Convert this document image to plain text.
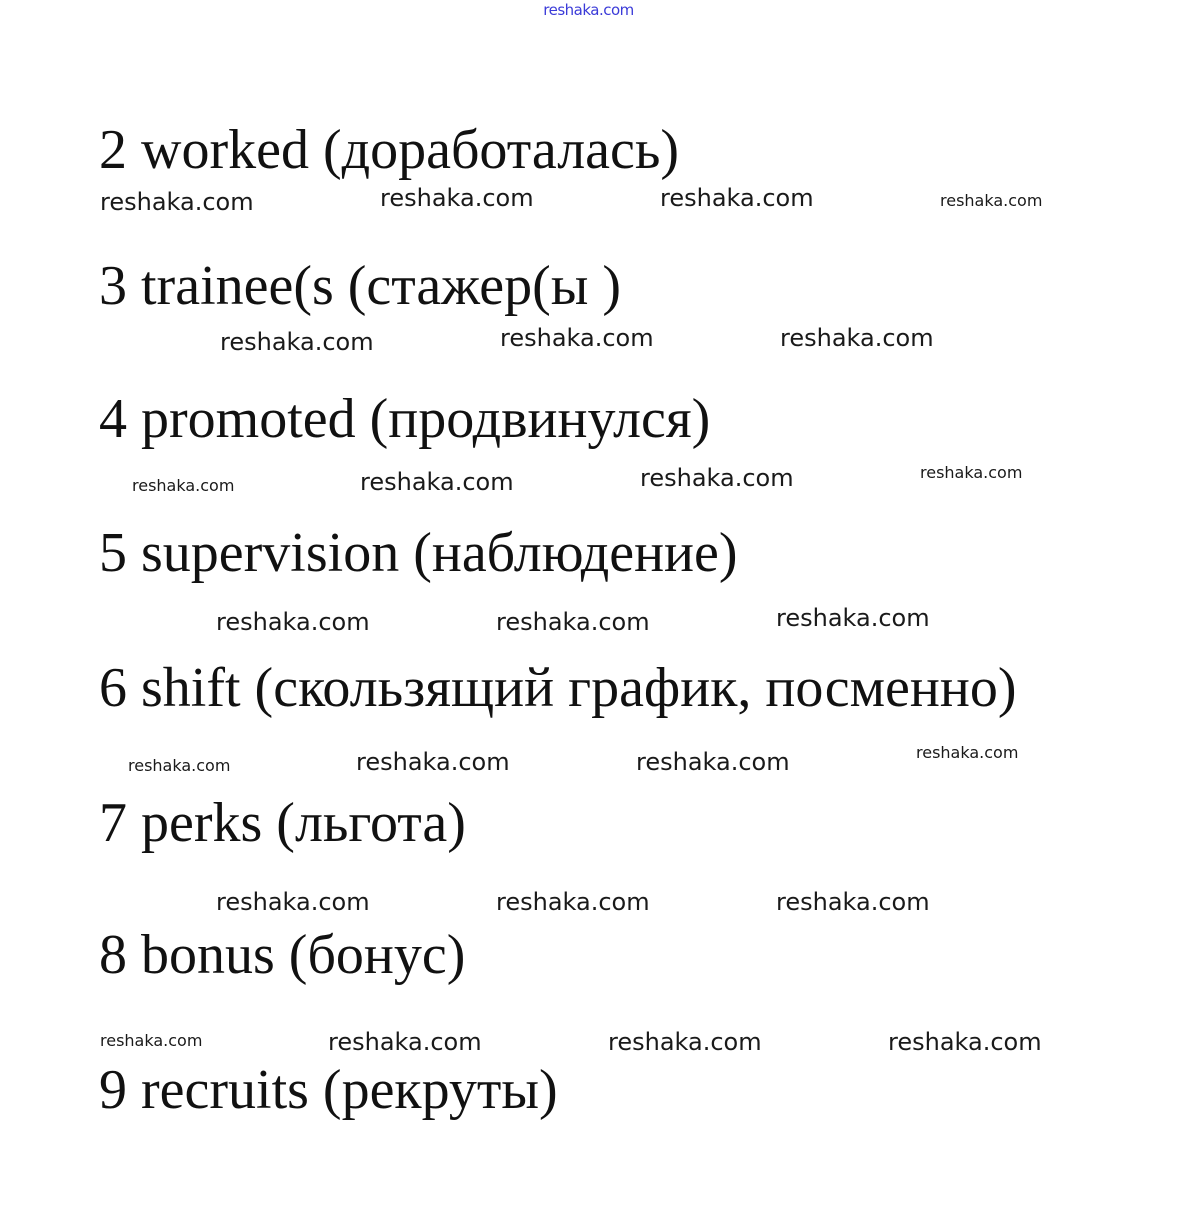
reshaka.com
2 worked (доработалась)
3 trainee(s (стажер(ы )
4 promoted (продвинулся)
5 supervision (наблюдение)
6 shift (скользящий график, посменно)
7 perks (льгота)
8 bonus (бонус)
9 recruits (рекруты)
reshaka.com	reshaka.com	reshaka.com	reshaka.com
reshaka.com	reshaka.com	reshaka.com
reshaka.com	reshaka.com	reshaka.com	reshaka.com
reshaka.com	reshaka.com	reshaka.com
reshaka.com	reshaka.com	reshaka.com	reshaka.com
reshaka.com	reshaka.com	reshaka.com
reshaka.com	reshaka.com	reshaka.com	reshaka.com
